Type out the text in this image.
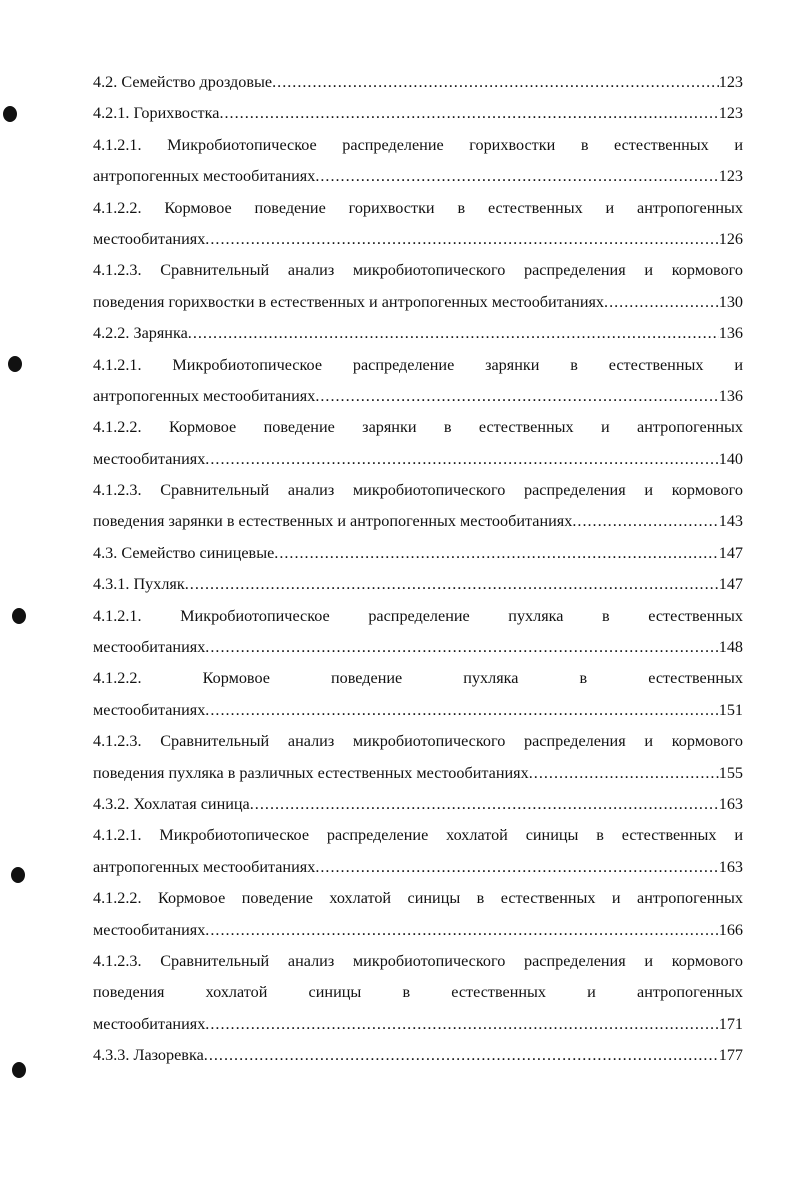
4.2. Семейство дроздовые .....	123
4.2.1. Горихвостка .....	123
4.1.2.1. Микробиотопическое распределение горихвостки в естественных и
антропогенных местообитаниях .....	123
4.1.2.2. Кормовое поведение горихвостки в естественных и антропогенных
местообитаниях .....	126
4.1.2.3. Сравнительный анализ микробиотопического распределения и кормового
поведения горихвостки в естественных и антропогенных местообитаниях .....	130
4.2.2. Зарянка .....	136
4.1.2.1. Микробиотопическое распределение зарянки в естественных и
антропогенных местообитаниях .....	136
4.1.2.2. Кормовое поведение зарянки в естественных и антропогенных
местообитаниях .....	140
4.1.2.3. Сравнительный анализ микробиотопического распределения и кормового
поведения зарянки в естественных и антропогенных местообитаниях .....	143
4.3. Семейство синицевые .....	147
4.3.1. Пухляк .....	147
4.1.2.1. Микробиотопическое распределение пухляка в естественных
местообитаниях .....	148
4.1.2.2. Кормовое поведение пухляка в естественных
местообитаниях .....	151
4.1.2.3. Сравнительный анализ микробиотопического распределения и кормового
поведения пухляка в различных естественных местообитаниях .....	155
4.3.2. Хохлатая синица .....	163
4.1.2.1. Микробиотопическое распределение хохлатой синицы в естественных и
антропогенных местообитаниях .....	163
4.1.2.2. Кормовое поведение хохлатой синицы в естественных и антропогенных
местообитаниях .....	166
4.1.2.3. Сравнительный анализ микробиотопического распределения и кормового
поведения хохлатой синицы в естественных и антропогенных
местообитаниях .....	171
4.3.3. Лазоревка .....	177
